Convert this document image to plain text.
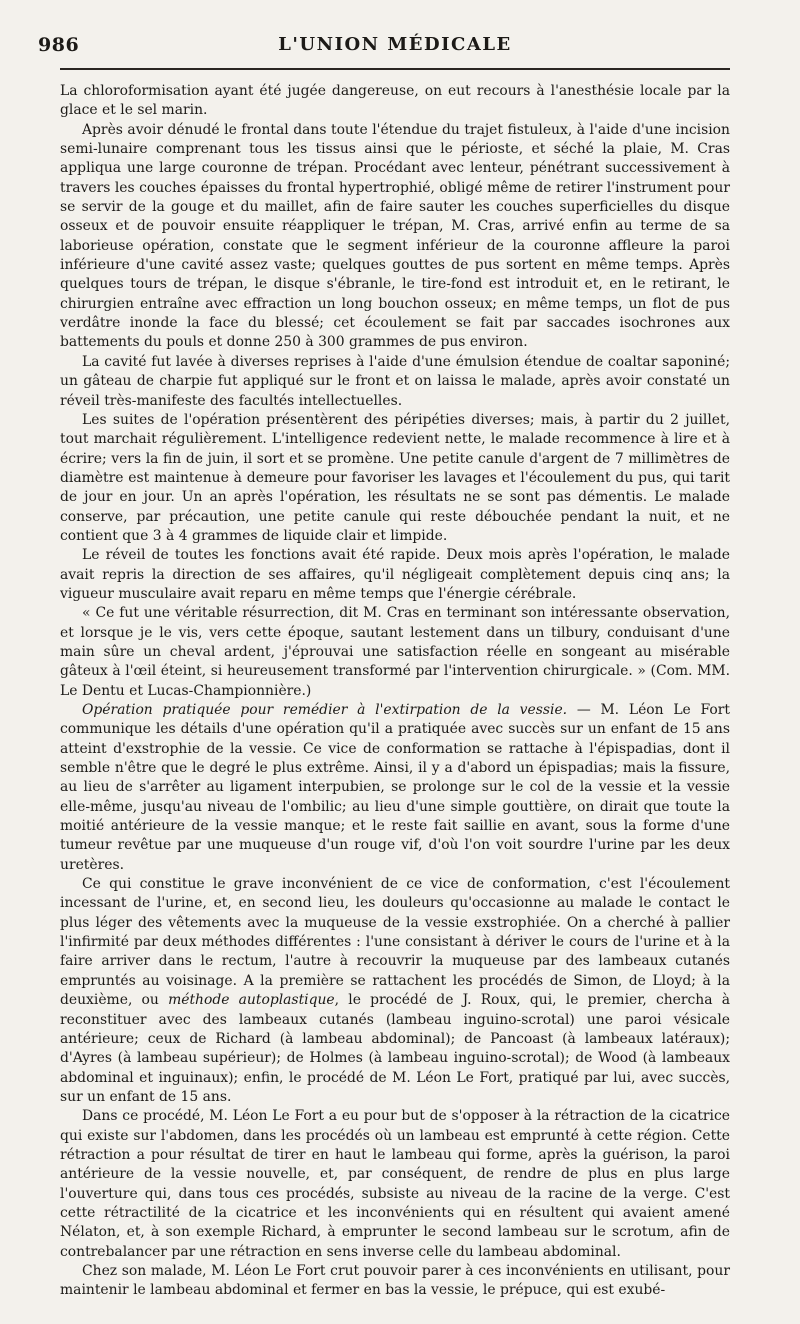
986	L'UNION MÉDICALE

La chloroformisation ayant été jugée dangereuse, on eut recours à l'anesthésie locale par la glace et le sel marin.

Après avoir dénudé le frontal dans toute l'étendue du trajet fistuleux, à l'aide d'une incision semi-lunaire comprenant tous les tissus ainsi que le périoste, et séché la plaie, M. Cras appliqua une large couronne de trépan. Procédant avec lenteur, pénétrant successivement à travers les couches épaisses du frontal hypertrophié, obligé même de retirer l'instrument pour se servir de la gouge et du maillet, afin de faire sauter les couches superficielles du disque osseux et de pouvoir ensuite réappliquer le trépan, M. Cras, arrivé enfin au terme de sa laborieuse opération, constate que le segment inférieur de la couronne affleure la paroi inférieure d'une cavité assez vaste; quelques gouttes de pus sortent en même temps. Après quelques tours de trépan, le disque s'ébranle, le tire-fond est introduit et, en le retirant, le chirurgien entraîne avec effraction un long bouchon osseux; en même temps, un flot de pus verdâtre inonde la face du blessé; cet écoulement se fait par saccades isochrones aux battements du pouls et donne 250 à 300 grammes de pus environ.

La cavité fut lavée à diverses reprises à l'aide d'une émulsion étendue de coaltar saponiné; un gâteau de charpie fut appliqué sur le front et on laissa le malade, après avoir constaté un réveil très-manifeste des facultés intellectuelles.

Les suites de l'opération présentèrent des péripéties diverses; mais, à partir du 2 juillet, tout marchait régulièrement. L'intelligence redevient nette, le malade recommence à lire et à écrire; vers la fin de juin, il sort et se promène. Une petite canule d'argent de 7 millimètres de diamètre est maintenue à demeure pour favoriser les lavages et l'écoulement du pus, qui tarit de jour en jour. Un an après l'opération, les résultats ne se sont pas démentis. Le malade conserve, par précaution, une petite canule qui reste débouchée pendant la nuit, et ne contient que 3 à 4 grammes de liquide clair et limpide.

Le réveil de toutes les fonctions avait été rapide. Deux mois après l'opération, le malade avait repris la direction de ses affaires, qu'il négligeait complètement depuis cinq ans; la vigueur musculaire avait reparu en même temps que l'énergie cérébrale.

« Ce fut une véritable résurrection, dit M. Cras en terminant son intéressante observation, et lorsque je le vis, vers cette époque, sautant lestement dans un tilbury, conduisant d'une main sûre un cheval ardent, j'éprouvai une satisfaction réelle en songeant au misérable gâteux à l'œil éteint, si heureusement transformé par l'intervention chirurgicale. » (Com. MM. Le Dentu et Lucas-Championnière.)

Opération pratiquée pour remédier à l'extirpation de la vessie. — M. Léon Le Fort communique les détails d'une opération qu'il a pratiquée avec succès sur un enfant de 15 ans atteint d'exstrophie de la vessie. Ce vice de conformation se rattache à l'épispadias, dont il semble n'être que le degré le plus extrême. Ainsi, il y a d'abord un épispadias; mais la fissure, au lieu de s'arrêter au ligament interpubien, se prolonge sur le col de la vessie et la vessie elle-même, jusqu'au niveau de l'ombilic; au lieu d'une simple gouttière, on dirait que toute la moitié antérieure de la vessie manque; et le reste fait saillie en avant, sous la forme d'une tumeur revêtue par une muqueuse d'un rouge vif, d'où l'on voit sourdre l'urine par les deux uretères.

Ce qui constitue le grave inconvénient de ce vice de conformation, c'est l'écoulement incessant de l'urine, et, en second lieu, les douleurs qu'occasionne au malade le contact le plus léger des vêtements avec la muqueuse de la vessie exstrophiée. On a cherché à pallier l'infirmité par deux méthodes différentes : l'une consistant à dériver le cours de l'urine et à la faire arriver dans le rectum, l'autre à recouvrir la muqueuse par des lambeaux cutanés empruntés au voisinage. A la première se rattachent les procédés de Simon, de Lloyd; à la deuxième, ou méthode autoplastique, le procédé de J. Roux, qui, le premier, chercha à reconstituer avec des lambeaux cutanés (lambeau inguino-scrotal) une paroi vésicale antérieure; ceux de Richard (à lambeau abdominal); de Pancoast (à lambeaux latéraux); d'Ayres (à lambeau supérieur); de Holmes (à lambeau inguino-scrotal); de Wood (à lambeaux abdominal et inguinaux); enfin, le procédé de M. Léon Le Fort, pratiqué par lui, avec succès, sur un enfant de 15 ans.

Dans ce procédé, M. Léon Le Fort a eu pour but de s'opposer à la rétraction de la cicatrice qui existe sur l'abdomen, dans les procédés où un lambeau est emprunté à cette région. Cette rétraction a pour résultat de tirer en haut le lambeau qui forme, après la guérison, la paroi antérieure de la vessie nouvelle, et, par conséquent, de rendre de plus en plus large l'ouverture qui, dans tous ces procédés, subsiste au niveau de la racine de la verge. C'est cette rétractilité de la cicatrice et les inconvénients qui en résultent qui avaient amené Nélaton, et, à son exemple Richard, à emprunter le second lambeau sur le scrotum, afin de contrebalancer par une rétraction en sens inverse celle du lambeau abdominal.

Chez son malade, M. Léon Le Fort crut pouvoir parer à ces inconvénients en utilisant, pour maintenir le lambeau abdominal et fermer en bas la vessie, le prépuce, qui est exubé-
